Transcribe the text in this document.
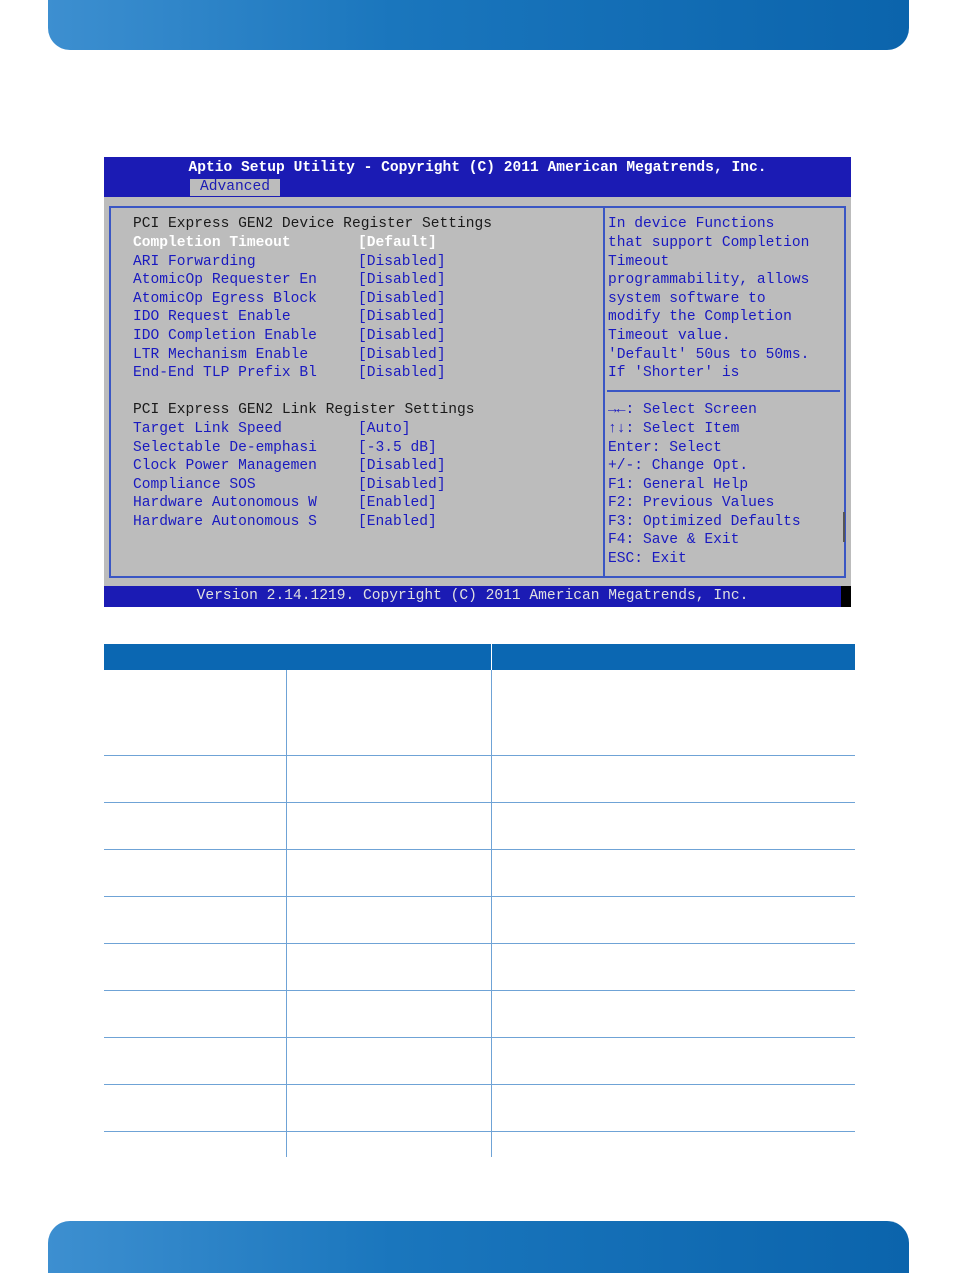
Aptio Setup Utility - Copyright (C) 2011 American Megatrends, Inc.
Advanced
PCI Express GEN2 Device Register Settings
Completion Timeout	[Default]
ARI Forwarding	[Disabled]
AtomicOp Requester En	[Disabled]
AtomicOp Egress Block	[Disabled]
IDO Request Enable	[Disabled]
IDO Completion Enable	[Disabled]
LTR Mechanism Enable	[Disabled]
End-End TLP Prefix Bl	[Disabled]
PCI Express GEN2 Link Register Settings
Target Link Speed	[Auto]
Selectable De-emphasi	[-3.5 dB]
Clock Power Managemen	[Disabled]
Compliance SOS	[Disabled]
Hardware Autonomous W	[Enabled]
Hardware Autonomous S	[Enabled]
In device Functions
that support Completion
Timeout
programmability, allows
system software to
modify the Completion
Timeout value.
'Default' 50us to 50ms.
If 'Shorter' is
→←: Select Screen
↑↓: Select Item
Enter: Select
+/-: Change Opt.
F1: General Help
F2: Previous Values
F3: Optimized Defaults
F4: Save & Exit
ESC: Exit
Version 2.14.1219. Copyright (C) 2011 American Megatrends, Inc.
